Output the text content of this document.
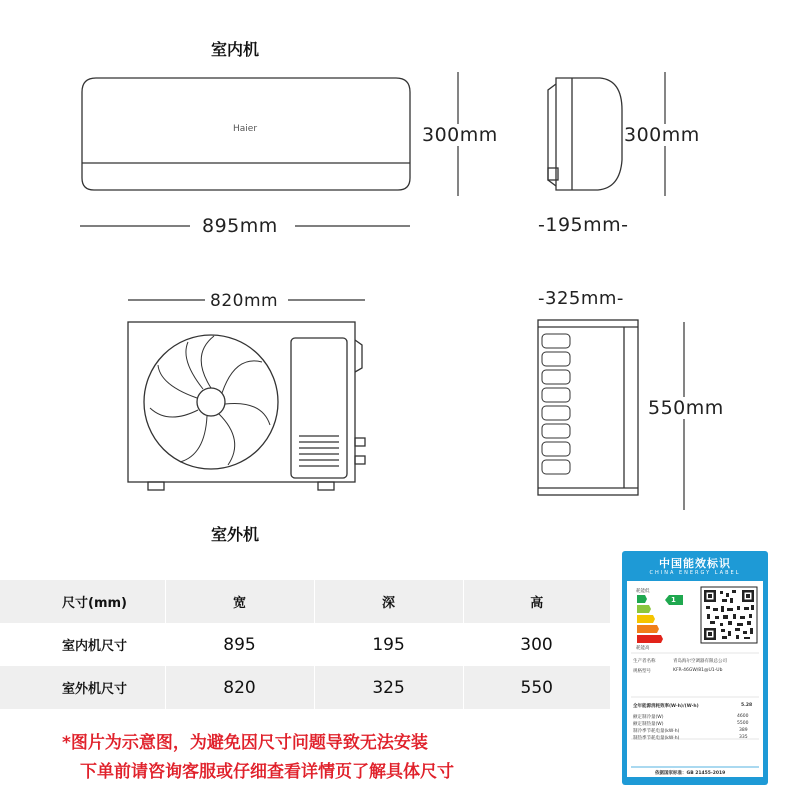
室内机
Haier	300mm
895mm
300mm
-195mm-
820mm	-325mm-
550mm
室外机
尺寸(mm)	宽	深	高
室内机尺寸	895	195	300
室外机尺寸	820	325	550
*图片为示意图，为避免因尺寸问题导致无法安装
下单前请咨询客服或仔细查看详情页了解具体尺寸
中国能效标识
CHINA ENERGY LABEL
耗能低
1
耗能高
生产者名称	青岛海尔空调器有限总公司
规格型号	KFR-46GW/81@U1-Ub
全年能源消耗效率(W·h)/(W·h)	5.28
额定制冷量(W)	4600
额定制热量(W)	5500
制冷季节耗电量(kW·h)	389
制热季节耗电量(kW·h)	335
依据国家标准：GB 21455-2019
